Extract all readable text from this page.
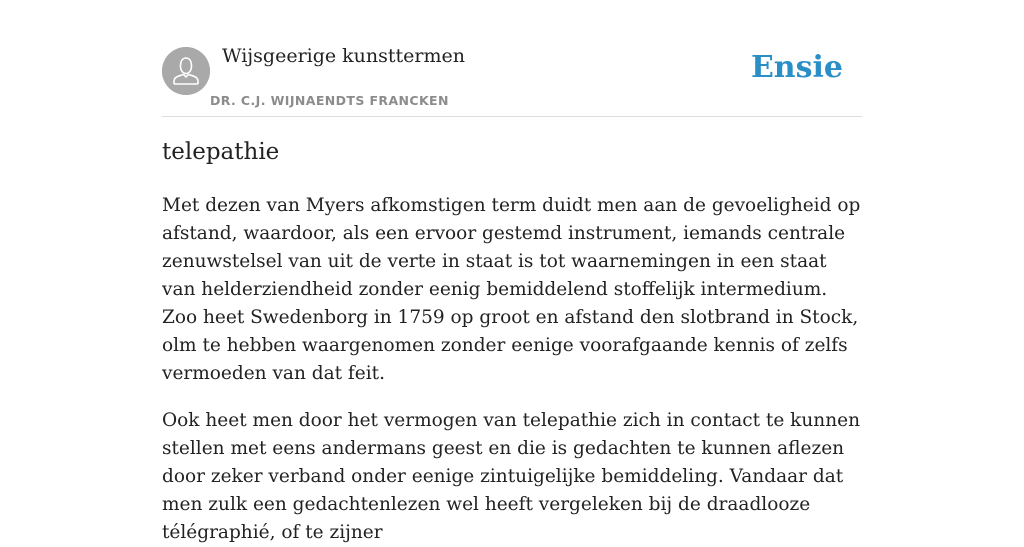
Wijsgeerige kunsttermen
DR. C.J. WIJNAENDTS FRANCKEN
Ensie
telepathie

Met dezen van Myers afkomstigen term duidt men aan de gevoeligheid op afstand, waardoor, als een ervoor gestemd instrument, iemands centrale zenuwstelsel van uit de verte in staat is tot waarnemingen in een staat van helderziendheid zonder eenig bemiddelend stoffelijk intermedium. Zoo heet Swedenborg in 1759 op groot en afstand den slotbrand in Stock, olm te hebben waargenomen zonder eenige voorafgaande kennis of zelfs vermoeden van dat feit.

Ook heet men door het vermogen van telepathie zich in contact te kunnen stellen met eens andermans geest en die is gedachten te kunnen aflezen door zeker verband onder eenige zintuigelijke bemiddeling. Vandaar dat men zulk een gedachtenlezen wel heeft vergeleken bij de draadlooze télégraphié, of te zijner
